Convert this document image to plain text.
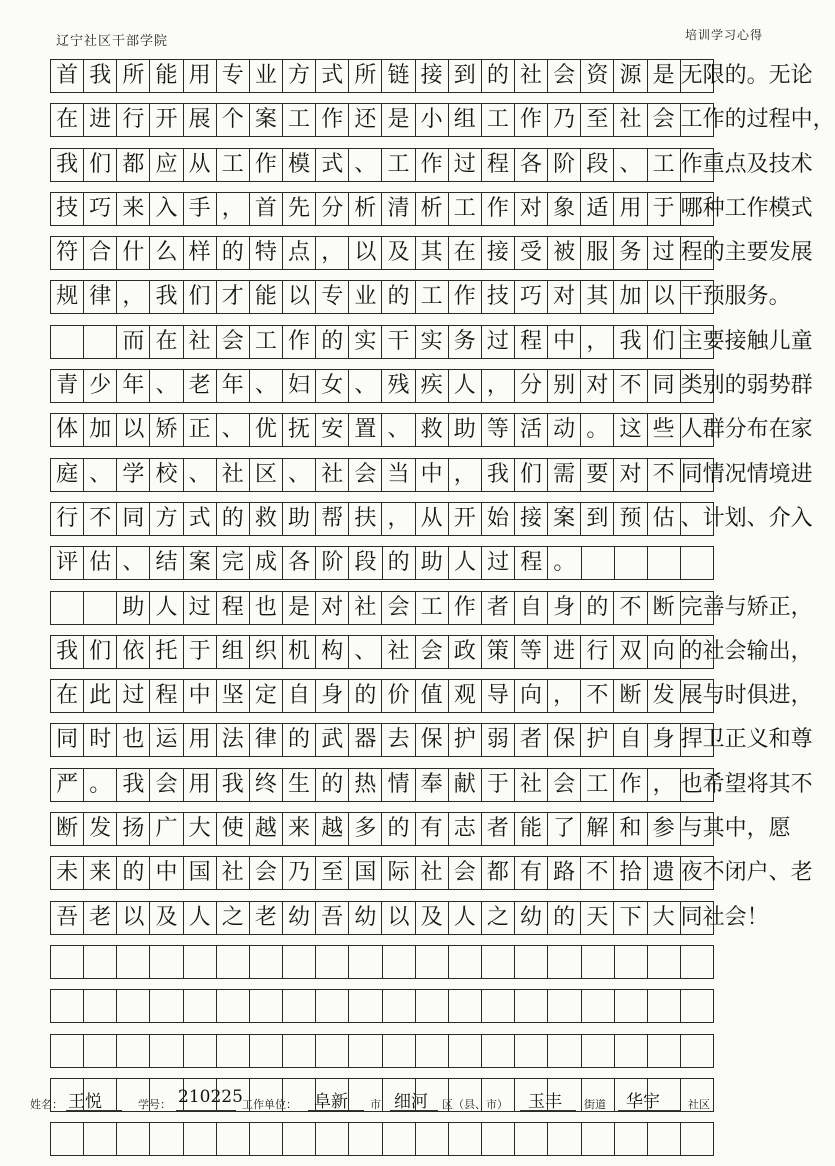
辽宁社区干部学院	培训学习心得
首 我 所 能 用 专 业 方 式 所 链 接 到 的 社 会 资 源 是 无限的。无论
在 进 行 开 展 个 案 工 作 还 是 小 组 工 作 乃 至 社 会 工作的过程中，
我 们 都 应 从 工 作 模 式 、 工 作 过 程 各 阶 段 、 工 作重点及技术
技 巧 来 入 手 ， 首 先 分 析 清 析 工 作 对 象 适 用 于 哪种工作模式
符 合 什 么 样 的 特 点 ， 以 及 其 在 接 受 被 服 务 过 程的主要发展
规 律 ， 我 们 才 能 以 专 业 的 工 作 技 巧 对 其 加 以 干预服务。

而 在 社 会 工 作 的 实 干 实 务 过 程 中 ， 我 们 主要接触儿童
青 少 年 、 老 年 、 妇 女 、 残 疾 人 ， 分 别 对 不 同 类别的弱势群
体 加 以 矫 正 、 优 抚 安 置 、 救 助 等 活 动 。 这 些 人群分布在家
庭 、 学 校 、 社 区 、 社 会 当 中 ， 我 们 需 要 对 不 同情况情境进
行 不 同 方 式 的 救 助 帮 扶 ， 从 开 始 接 案 到 预 估 、计划、介入
评 估 、 结 案 完 成 各 阶 段 的 助 人 过 程 。

助 人 过 程 也 是 对 社 会 工 作 者 自 身 的 不 断 完善与矫正，
我 们 依 托 于 组 织 机 构 、 社 会 政 策 等 进 行 双 向 的社会输出，
在 此 过 程 中 坚 定 自 身 的 价 值 观 导 向 ， 不 断 发 展与时俱进，
同 时 也 运 用 法 律 的 武 器 去 保 护 弱 者 保 护 自 身 捍卫正义和尊
严 。 我 会 用 我 终 生 的 热 情 奉 献 于 社 会 工 作 ， 也希望将其不
断 发 扬 广 大 使 越 来 越 多 的 有 志 者 能 了 解 和 参 与其中，愿
未 来 的 中 国 社 会 乃 至 国 际 社 会 都 有 路 不 拾 遗 夜不闭户、老
吾 老 以 及 人 之 老 幼 吾 幼 以 及 人 之 幼 的 天 下 大 同社会！
姓名： 王悦	学号： 210225 工作单位： 阜新 市 细河 区（县、市） 玉丰 街道 华宇	社区
